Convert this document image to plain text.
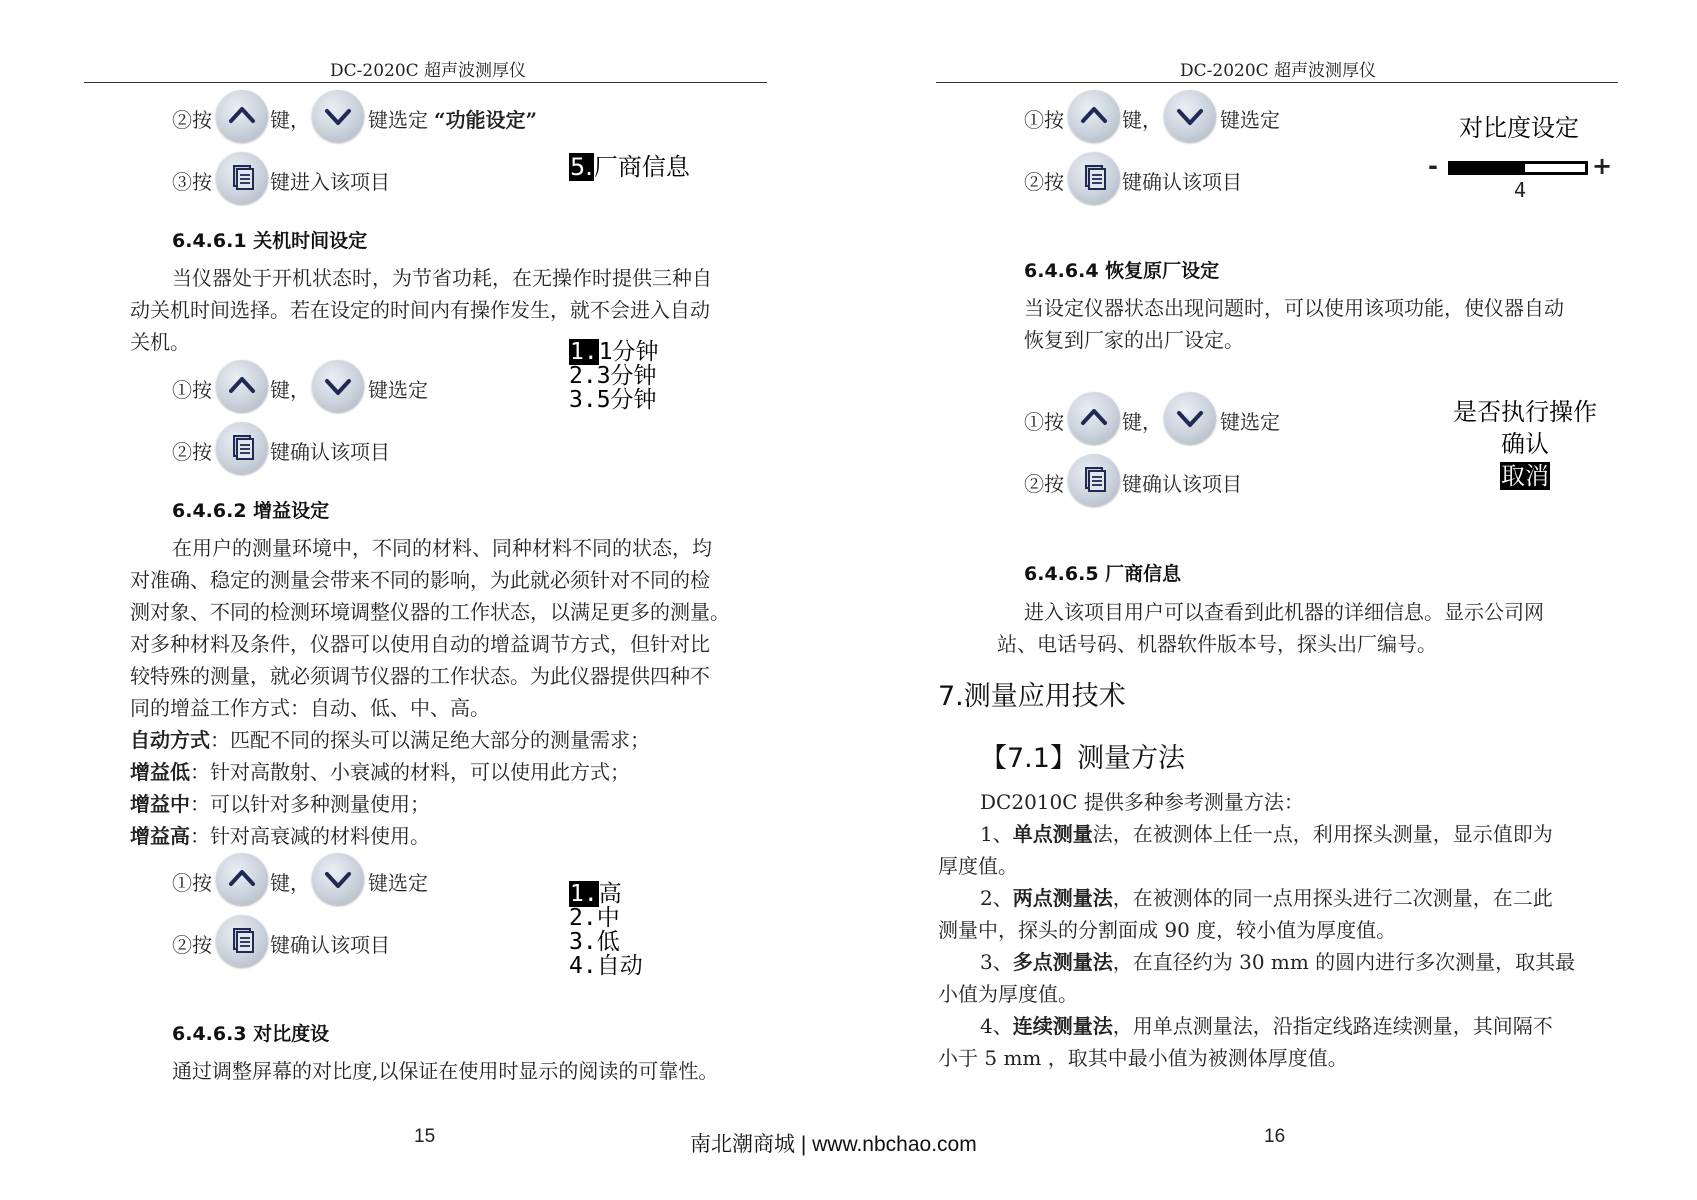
DC-2020C 超声波测厚仪	DC-2020C 超声波测厚仪
②按	键，	键选定 “功能设定”
③按	键进入该项目
5.厂商信息
6.4.6.1 关机时间设定
当仪器处于开机状态时，为节省功耗，在无操作时提供三种自
动关机时间选择。若在设定的时间内有操作发生，就不会进入自动
关机。
①按	键，	键选定
②按	键确认该项目
1.1分钟
2.3分钟
3.5分钟
6.4.6.2 增益设定
在用户的测量环境中，不同的材料、同种材料不同的状态，均
对准确、稳定的测量会带来不同的影响，为此就必须针对不同的检
测对象、不同的检测环境调整仪器的工作状态，以满足更多的测量。
对多种材料及条件，仪器可以使用自动的增益调节方式，但针对比
较特殊的测量，就必须调节仪器的工作状态。为此仪器提供四种不
同的增益工作方式：自动、低、中、高。
自动方式：匹配不同的探头可以满足绝大部分的测量需求；
增益低：针对高散射、小衰减的材料，可以使用此方式；
增益中：可以针对多种测量使用；
增益高：针对高衰减的材料使用。
①按	键，	键选定
②按	键确认该项目
1.高
2.中
3.低
4.自动
6.4.6.3 对比度设
通过调整屏幕的对比度,以保证在使用时显示的阅读的可靠性。
15
①按	键，	键选定
②按	键确认该项目
对比度设定
-	+
4
6.4.6.4 恢复原厂设定
当设定仪器状态出现问题时，可以使用该项功能，使仪器自动
恢复到厂家的出厂设定。
①按	键，	键选定
②按	键确认该项目
是否执行操作
确认
取消
6.4.6.5 厂商信息
进入该项目用户可以查看到此机器的详细信息。显示公司网
站、电话号码、机器软件版本号，探头出厂编号。
7.测量应用技术
【7.1】测量方法
DC2010C 提供多种参考测量方法：
1、单点测量法，在被测体上任一点，利用探头测量，显示值即为
厚度值。
2、两点测量法，在被测体的同一点用探头进行二次测量，在二此
测量中，探头的分割面成 90 度，较小值为厚度值。
3、多点测量法，在直径约为 30 mm 的圆内进行多次测量，取其最
小值为厚度值。
4、连续测量法，用单点测量法，沿指定线路连续测量，其间隔不
小于 5 mm ，取其中最小值为被测体厚度值。
16
南北潮商城 | www.nbchao.com
